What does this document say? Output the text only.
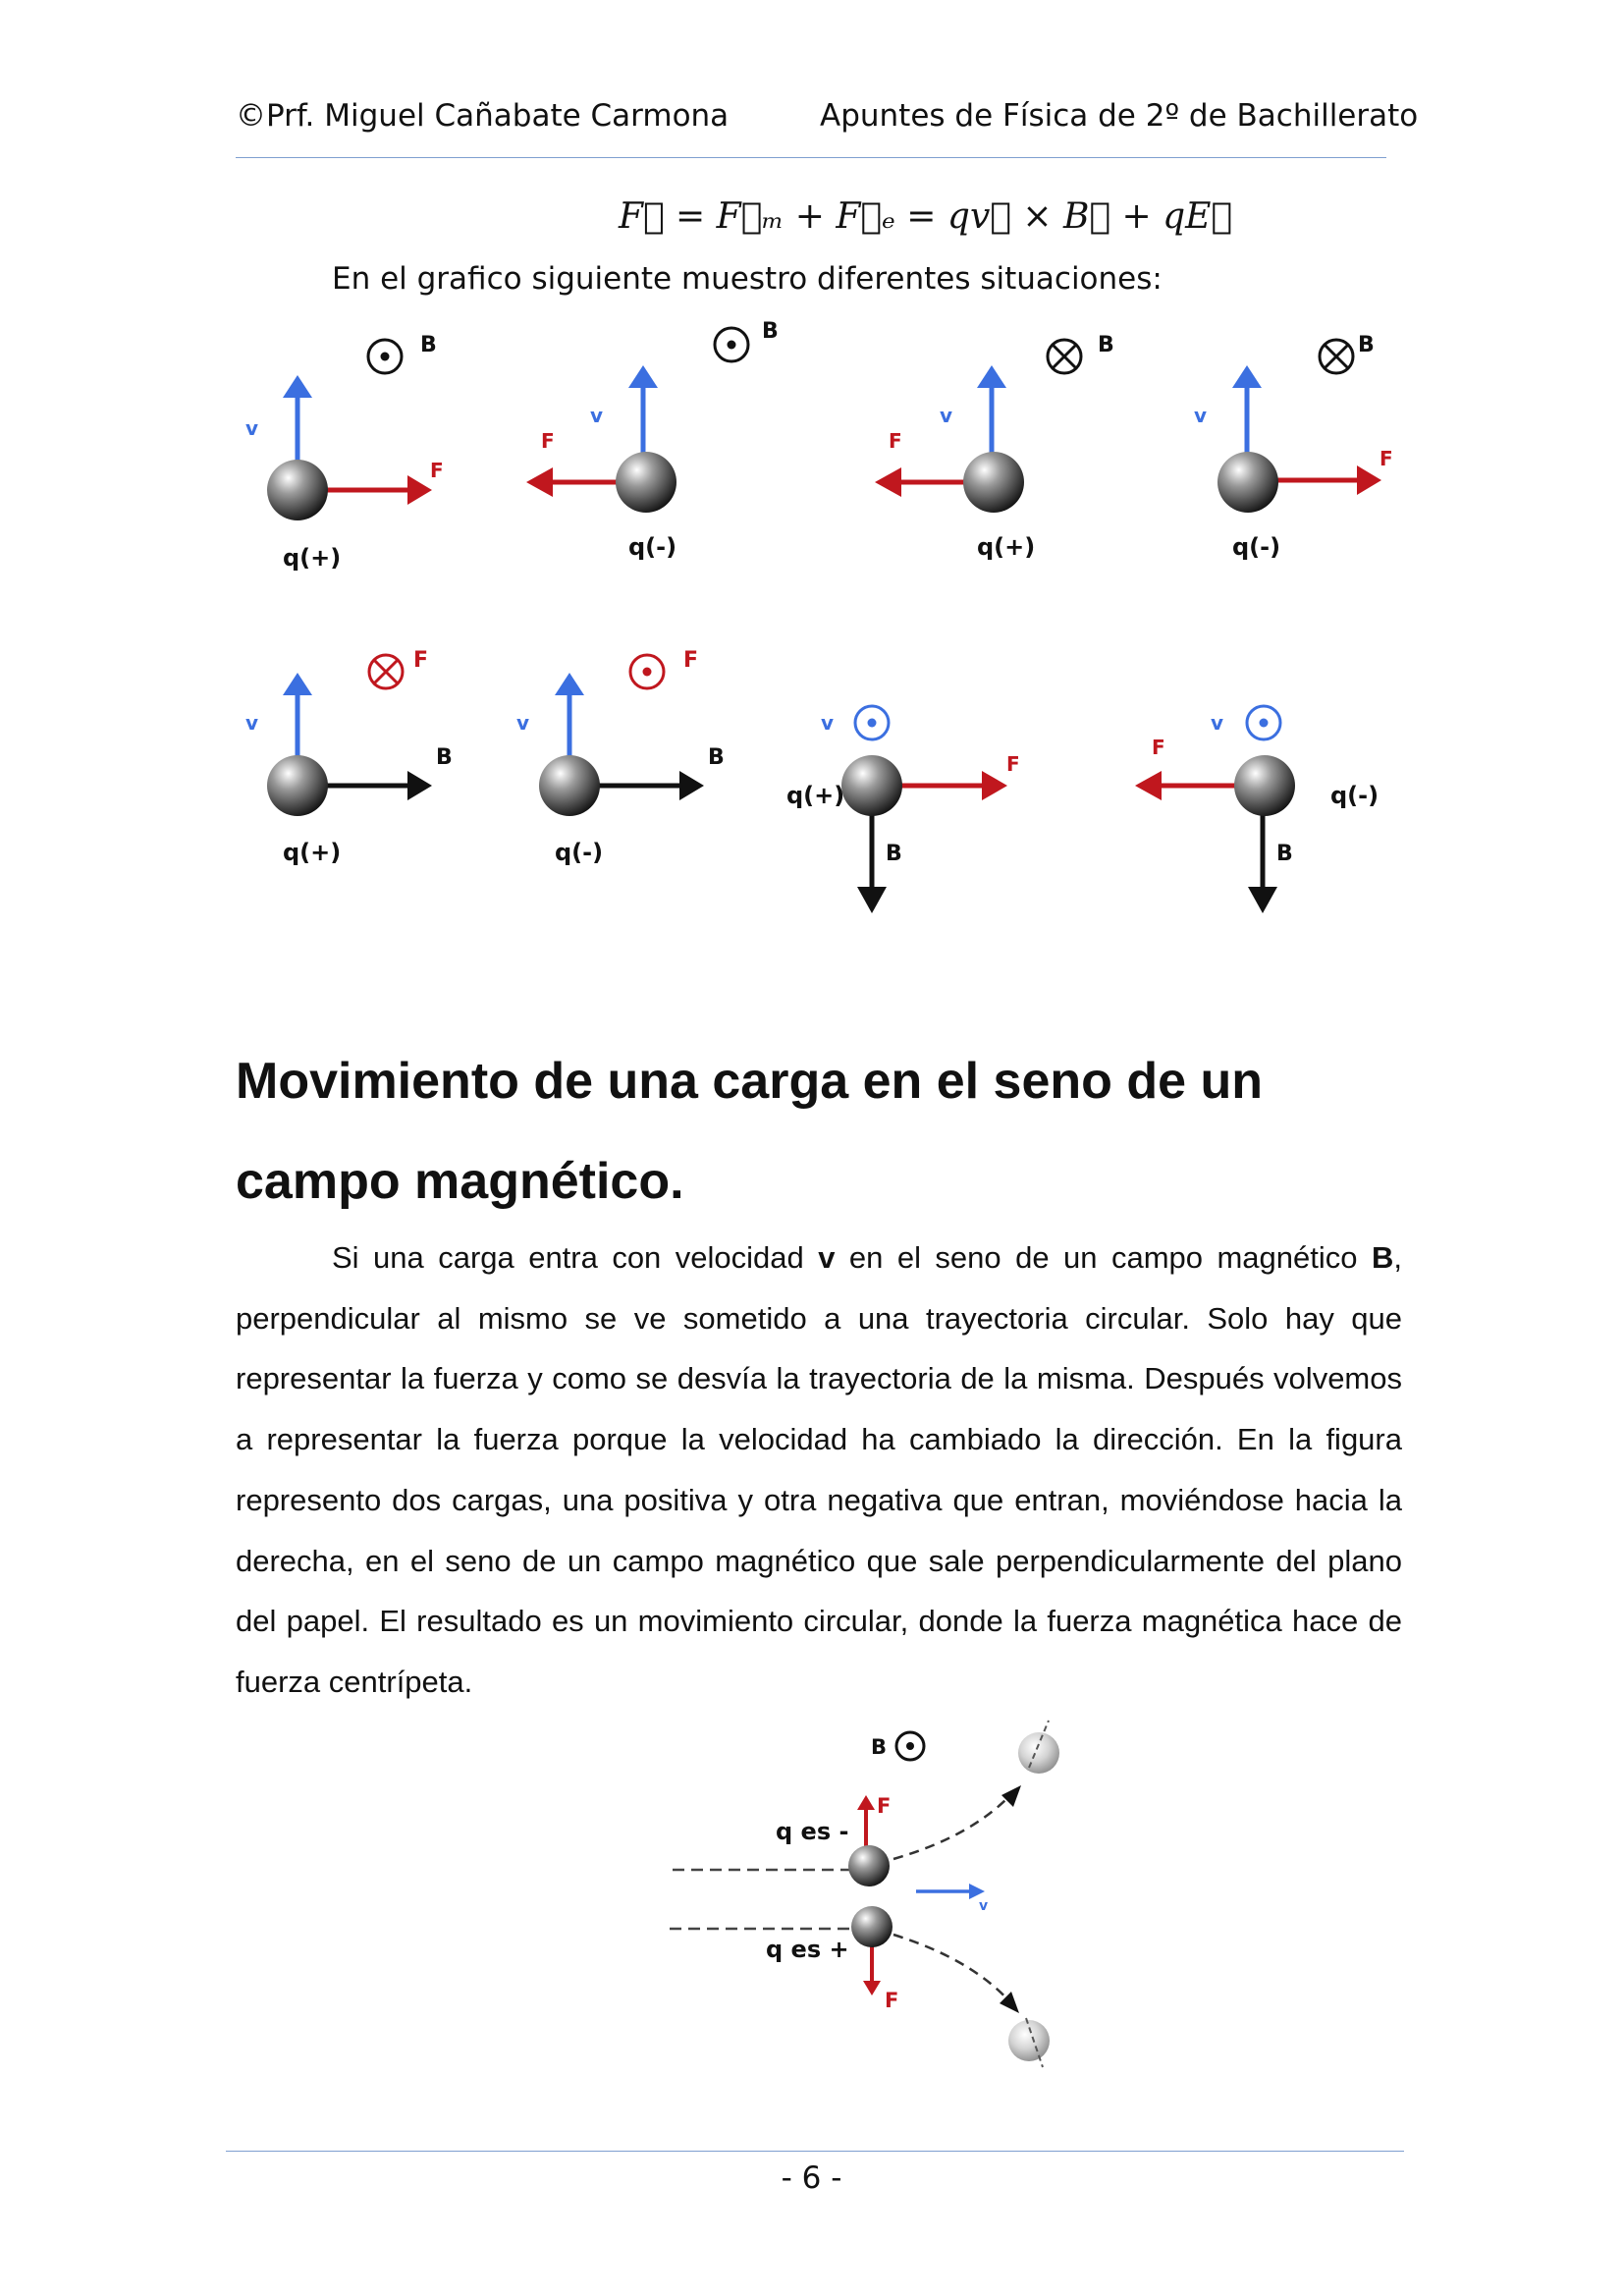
©Prf. Miguel Cañabate Carmona	Apuntes de Física de 2º de Bachillerato
F⃗ = F⃗ₘ + F⃗ₑ = qv⃗ × B⃗ + qE⃗
En el grafico siguiente muestro diferentes situaciones:
B
v
F
q(+)
B
v
F
q(-)
B
v
F
q(+)
B
v
F
q(-)
F
v
B
q(+)
F
v
B
q(-)
v
F
q(+)
B
v
F
q(-)
B
Movimiento de una carga en el seno de un campo magnético.
Si una carga entra con velocidad v en el seno de un campo magnético B, perpendicular al mismo se ve sometido a una trayectoria circular. Solo hay que representar la fuerza y como se desvía la trayectoria de la misma. Después volvemos a representar la fuerza porque la velocidad ha cambiado la dirección. En la figura represento dos cargas, una positiva y otra negativa que entran, moviéndose hacia la derecha, en el seno de un campo magnético que sale perpendicularmente del plano del papel. El resultado es un movimiento circular, donde la fuerza magnética hace de fuerza centrípeta.
B
F
q es -
F
q es +
v
- 6 -
